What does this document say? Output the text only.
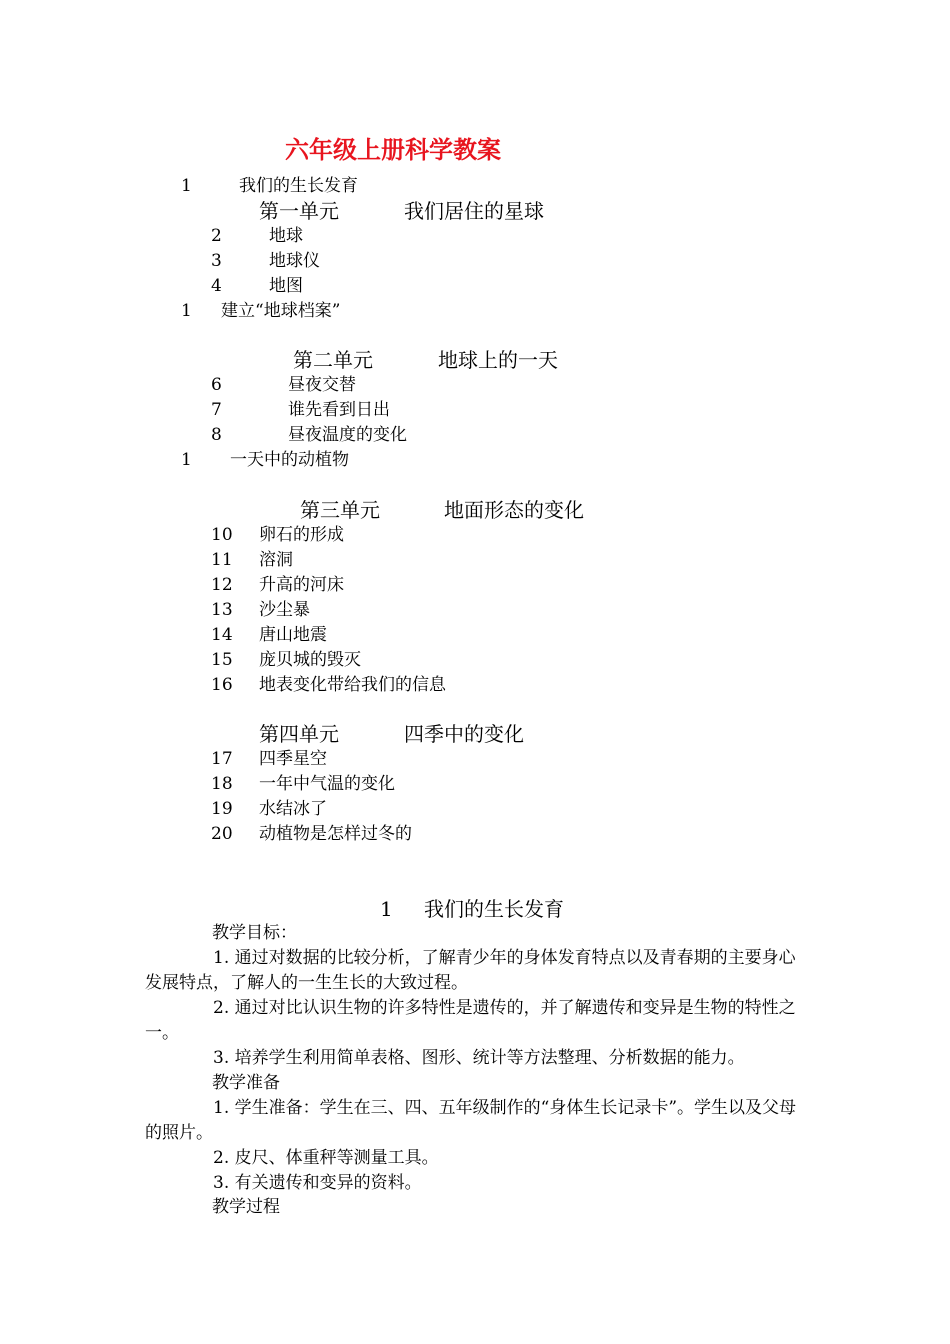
六年级上册科学教案
1	我们的生长发育
第一单元	我们居住的星球
2	地球
3	地球仪
4	地图
1 建立“地球档案”
第二单元	地球上的一天
6	昼夜交替
7	谁先看到日出
8	昼夜温度的变化
1 一天中的动植物
第三单元	地面形态的变化
10 卵石的形成
11 溶洞
12 升高的河床
13 沙尘暴
14 唐山地震
15 庞贝城的毁灭
16 地表变化带给我们的信息
第四单元	四季中的变化
17 四季星空
18 一年中气温的变化
19 水结冰了
20 动植物是怎样过冬的
1 我们的生长发育
教学目标：
1. 通过对数据的比较分析，了解青少年的身体发育特点以及青春期的主要身心发展特点，了解人的一生生长的大致过程。
2. 通过对比认识生物的许多特性是遗传的，并了解遗传和变异是生物的特性之一。
3. 培养学生利用简单表格、图形、统计等方法整理、分析数据的能力。
教学准备
1. 学生准备：学生在三、四、五年级制作的“身体生长记录卡”。学生以及父母的照片。
2. 皮尺、体重秤等测量工具。
3. 有关遗传和变异的资料。
教学过程
